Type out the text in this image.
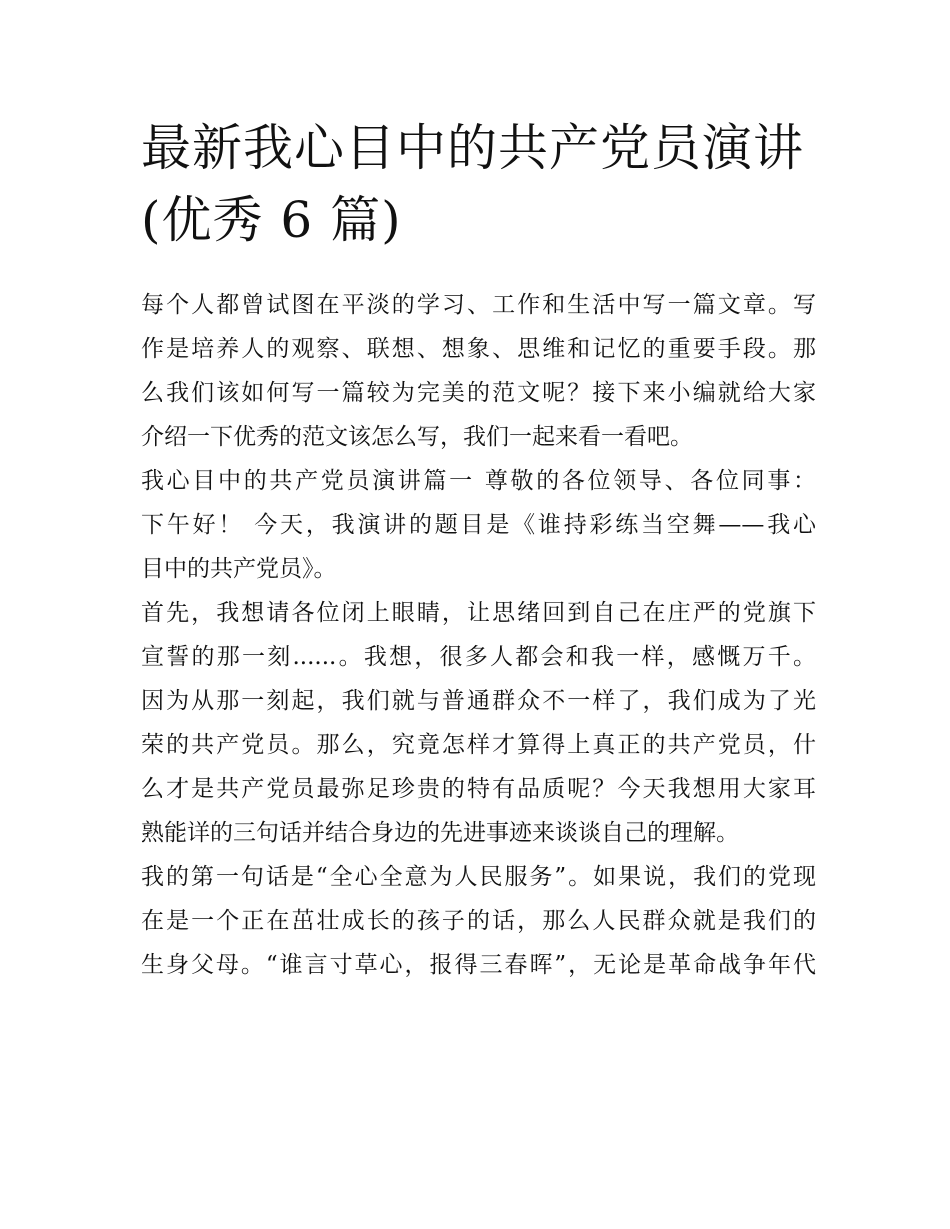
最新我心目中的共产党员演讲
(优秀 6 篇)
每个人都曾试图在平淡的学习、工作和生活中写一篇文章。写
作是培养人的观察、联想、想象、思维和记忆的重要手段。那
么我们该如何写一篇较为完美的范文呢？接下来小编就给大家
介绍一下优秀的范文该怎么写，我们一起来看一看吧。
我心目中的共产党员演讲篇一 尊敬的各位领导、各位同事：
下午好！ 今天，我演讲的题目是《谁持彩练当空舞——我心
目中的共产党员》。
首先，我想请各位闭上眼睛，让思绪回到自己在庄严的党旗下
宣誓的那一刻......。我想，很多人都会和我一样，感慨万千。
因为从那一刻起，我们就与普通群众不一样了，我们成为了光
荣的共产党员。那么，究竟怎样才算得上真正的共产党员，什
么才是共产党员最弥足珍贵的特有品质呢？今天我想用大家耳
熟能详的三句话并结合身边的先进事迹来谈谈自己的理解。
我的第一句话是“全心全意为人民服务”。如果说，我们的党现
在是一个正在茁壮成长的孩子的话，那么人民群众就是我们的
生身父母。“谁言寸草心，报得三春晖”，无论是革命战争年代
